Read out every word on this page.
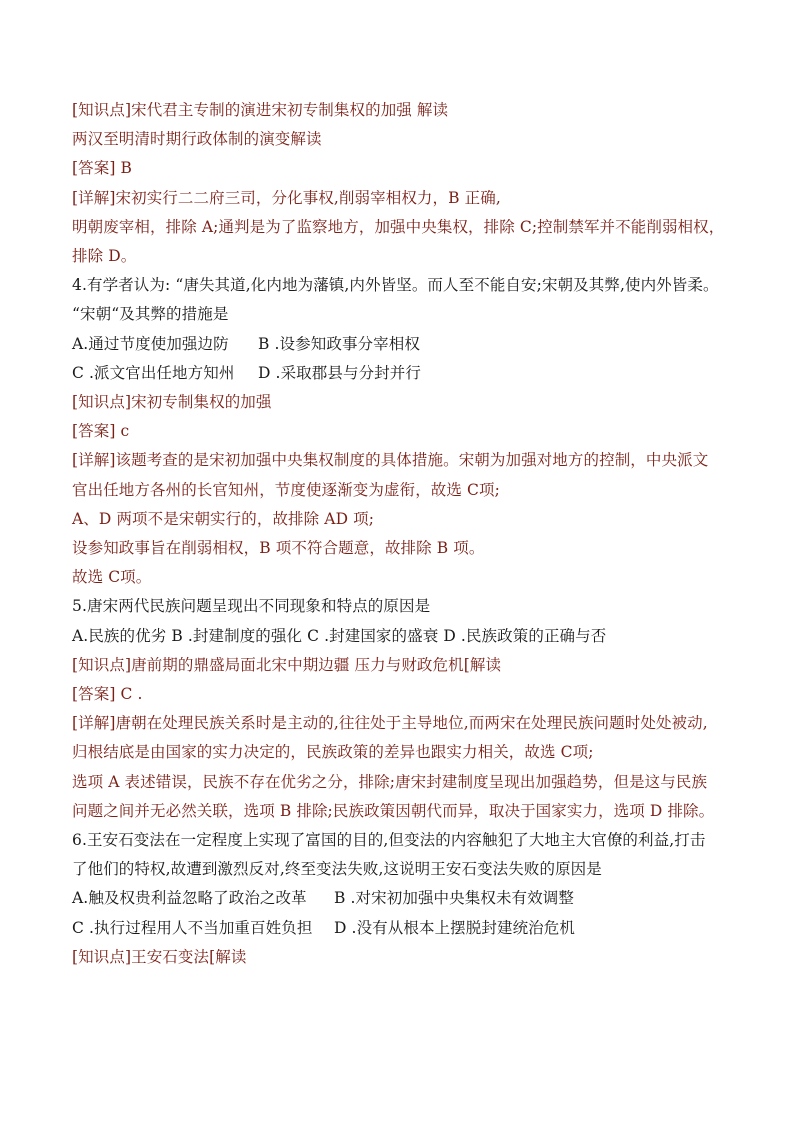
[知识点]宋代君主专制的演进宋初专制集权的加强 解读
两汉至明清时期行政体制的演变解读
[答案] B
[详解]宋初实行二二府三司，分化事权,削弱宰相权力，B 正确,
明朝废宰相，排除 A;通判是为了监察地方，加强中央集权，排除 C;控制禁军并不能削弱相权，
排除 D。
4.有学者认为: “唐失其道,化内地为藩镇,内外皆坚。而人至不能自安;宋朝及其弊,使内外皆柔。
“宋朝“及其弊的措施是
A.通过节度使加强边防 B .设参知政事分宰相权
C .派文官出任地方知州 D .采取郡县与分封并行
[知识点]宋初专制集权的加强
[答案] c
[详解]该题考查的是宋初加强中央集权制度的具体措施。宋朝为加强对地方的控制，中央派文
官出任地方各州的长官知州，节度使逐渐变为虚衔，故选 C项;
A、D 两项不是宋朝实行的，故排除 AD 项;
设参知政事旨在削弱相权，B 项不符合题意，故排除 B 项。
故选 C项。
5.唐宋两代民族问题呈现出不同现象和特点的原因是
A.民族的优劣 B .封建制度的强化 C .封建国家的盛衰 D .民族政策的正确与否
[知识点]唐前期的鼎盛局面北宋中期边疆 压力与财政危机[解读
[答案] C .
[详解]唐朝在处理民族关系时是主动的,往往处于主导地位,而两宋在处理民族问题时处处被动,
归根结底是由国家的实力决定的，民族政策的差异也跟实力相关，故选 C项;
选项 A 表述错误，民族不存在优劣之分，排除;唐宋封建制度呈现出加强趋势，但是这与民族
问题之间并无必然关联，选项 B 排除;民族政策因朝代而异，取决于国家实力，选项 D 排除。
6.王安石变法在一定程度上实现了富国的目的,但变法的内容触犯了大地主大官僚的利益,打击
了他们的特权,故遭到激烈反对,终至变法失败,这说明王安石变法失败的原因是
A.触及权贵利益忽略了政治之改革 B .对宋初加强中央集权未有效调整
C .执行过程用人不当加重百姓负担 D .没有从根本上摆脱封建统治危机
[知识点]王安石变法[解读
